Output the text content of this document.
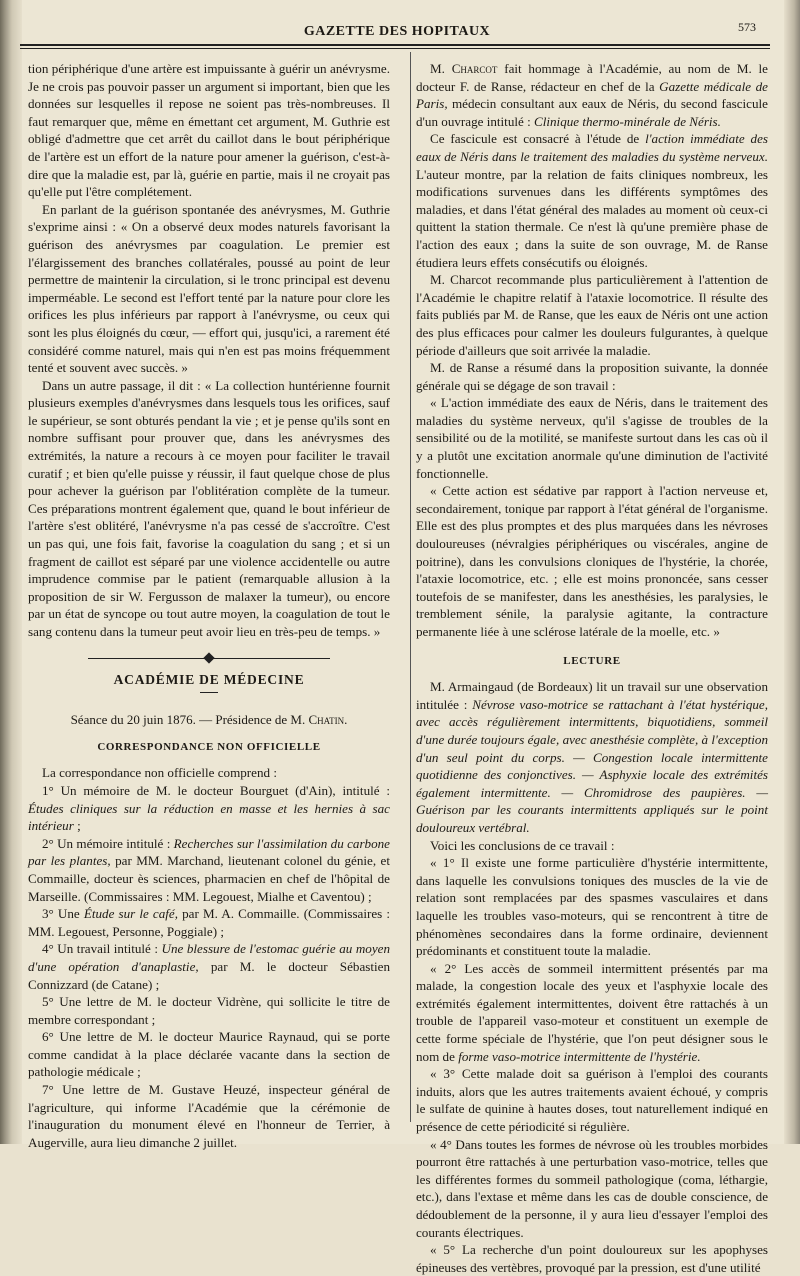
GAZETTE DES HOPITAUX	573

tion périphérique d'une artère est impuissante à guérir un anévrysme. Je ne crois pas pouvoir passer un argument si important, bien que les données sur lesquelles il repose ne soient pas très-nombreuses. Il faut remarquer que, même en émettant cet argument, M. Guthrie est obligé d'admettre que cet arrêt du caillot dans le bout périphérique de l'artère est un effort de la nature pour amener la guérison, c'est-à-dire que la maladie est, par là, guérie en partie, mais il ne croyait pas qu'elle put l'être complétement.

En parlant de la guérison spontanée des anévrysmes, M. Guthrie s'exprime ainsi : « On a observé deux modes naturels favorisant la guérison des anévrysmes par coagulation. Le premier est l'élargissement des branches collatérales, poussé au point de leur permettre de maintenir la circulation, si le tronc principal est devenu imperméable. Le second est l'effort tenté par la nature pour clore les orifices les plus inférieurs par rapport à l'anévrysme, ou ceux qui sont les plus éloignés du cœur, — effort qui, jusqu'ici, a rarement été considéré comme naturel, mais qui n'en est pas moins fréquemment tenté et souvent avec succès. »

Dans un autre passage, il dit : « La collection huntérienne fournit plusieurs exemples d'anévrysmes dans lesquels tous les orifices, sauf le supérieur, se sont obturés pendant la vie ; et je pense qu'ils sont en nombre suffisant pour prouver que, dans les anévrysmes des extrémités, la nature a recours à ce moyen pour faciliter le travail curatif ; et bien qu'elle puisse y réussir, il faut quelque chose de plus pour achever la guérison par l'oblitération complète de la tumeur. Ces préparations montrent également que, quand le bout inférieur de l'artère s'est oblitéré, l'anévrysme n'a pas cessé de s'accroître. C'est un pas qui, une fois fait, favorise la coagulation du sang ; et si un fragment de caillot est séparé par une violence accidentelle ou autre imprudence commise par le patient (remarquable allusion à la proposition de sir W. Fergusson de malaxer la tumeur), ou encore par un état de syncope ou tout autre moyen, la coagulation de tout le sang contenu dans la tumeur peut avoir lieu en très-peu de temps. »

ACADÉMIE DE MÉDECINE
Séance du 20 juin 1876. — Présidence de M. Chatin.
CORRESPONDANCE NON OFFICIELLE

La correspondance non officielle comprend :

1° Un mémoire de M. le docteur Bourguet (d'Ain), intitulé : Études cliniques sur la réduction en masse et les hernies à sac intérieur ;

2° Un mémoire intitulé : Recherches sur l'assimilation du carbone par les plantes, par MM. Marchand, lieutenant colonel du génie, et Commaille, docteur ès sciences, pharmacien en chef de l'hôpital de Marseille. (Commissaires : MM. Legouest, Mialhe et Caventou) ;

3° Une Étude sur le café, par M. A. Commaille. (Commissaires : MM. Legouest, Personne, Poggiale) ;

4° Un travail intitulé : Une blessure de l'estomac guérie au moyen d'une opération d'anaplastie, par M. le docteur Sébastien Connizzard (de Catane) ;

5° Une lettre de M. le docteur Vidrène, qui sollicite le titre de membre correspondant ;

6° Une lettre de M. le docteur Maurice Raynaud, qui se porte comme candidat à la place déclarée vacante dans la section de pathologie médicale ;

7° Une lettre de M. Gustave Heuzé, inspecteur général de l'agriculture, qui informe l'Académie que la cérémonie de l'inauguration du monument élevé en l'honneur de Terrier, à Augerville, aura lieu dimanche 2 juillet.

M. Charcot fait hommage à l'Académie, au nom de M. le docteur F. de Ranse, rédacteur en chef de la Gazette médicale de Paris, médecin consultant aux eaux de Néris, du second fascicule d'un ouvrage intitulé : Clinique thermo-minérale de Néris.

Ce fascicule est consacré à l'étude de l'action immédiate des eaux de Néris dans le traitement des maladies du système nerveux. L'auteur montre, par la relation de faits cliniques nombreux, les modifications survenues dans les différents symptômes des maladies, et dans l'état général des malades au moment où ceux-ci quittent la station thermale. Ce n'est là qu'une première phase de l'action des eaux ; dans la suite de son ouvrage, M. de Ranse étudiera leurs effets consécutifs ou éloignés.

M. Charcot recommande plus particulièrement à l'attention de l'Académie le chapitre relatif à l'ataxie locomotrice. Il résulte des faits publiés par M. de Ranse, que les eaux de Néris ont une action des plus efficaces pour calmer les douleurs fulgurantes, à quelque période d'ailleurs que soit arrivée la maladie.

M. de Ranse a résumé dans la proposition suivante, la donnée générale qui se dégage de son travail :

« L'action immédiate des eaux de Néris, dans le traitement des maladies du système nerveux, qu'il s'agisse de troubles de la sensibilité ou de la motilité, se manifeste surtout dans les cas où il y a plutôt une excitation anormale qu'une diminution de l'activité fonctionnelle.

« Cette action est sédative par rapport à l'action nerveuse et, secondairement, tonique par rapport à l'état général de l'organisme. Elle est des plus promptes et des plus marquées dans les névroses douloureuses (névralgies périphériques ou viscérales, angine de poitrine), dans les convulsions cloniques de l'hystérie, la chorée, l'ataxie locomotrice, etc. ; elle est moins prononcée, sans cesser toutefois de se manifester, dans les anesthésies, les paralysies, le tremblement sénile, la paralysie agitante, la contracture permanente liée à une sclérose latérale de la moelle, etc. »

LECTURE

M. Armaingaud (de Bordeaux) lit un travail sur une observation intitulée : Névrose vaso-motrice se rattachant à l'état hystérique, avec accès régulièrement intermittents, biquotidiens, sommeil d'une durée toujours égale, avec anesthésie complète, à l'exception d'un seul point du corps. — Congestion locale intermittente quotidienne des conjonctives. — Asphyxie locale des extrémités également intermittente. — Chromidrose des paupières. — Guérison par les courants intermittents appliqués sur le point douloureux vertébral.

Voici les conclusions de ce travail :

« 1° Il existe une forme particulière d'hystérie intermittente, dans laquelle les convulsions toniques des muscles de la vie de relation sont remplacées par des spasmes vasculaires et dans laquelle les troubles vaso-moteurs, qui se rencontrent à titre de phénomènes secondaires dans la forme ordinaire, deviennent prédominants et constituent toute la maladie.

« 2° Les accès de sommeil intermittent présentés par ma malade, la congestion locale des yeux et l'asphyxie locale des extrémités également intermittentes, doivent être rattachés à un trouble de l'appareil vaso-moteur et constituent un exemple de cette forme spéciale de l'hystérie, que l'on peut désigner sous le nom de forme vaso-motrice intermittente de l'hystérie.

« 3° Cette malade doit sa guérison à l'emploi des courants induits, alors que les autres traitements avaient échoué, y compris le sulfate de quinine à hautes doses, tout naturellement indiqué en présence de cette périodicité si régulière.

« 4° Dans toutes les formes de névrose où les troubles morbides pourront être rattachés à une perturbation vaso-motrice, telles que les différentes formes du sommeil pathologique (coma, léthargie, etc.), dans l'extase et même dans les cas de double conscience, de dédoublement de la personne, il y aura lieu d'essayer l'emploi des courants électriques.

« 5° La recherche d'un point douloureux sur les apophyses épineuses des vertèbres, provoqué par la pression, est d'une utilité
